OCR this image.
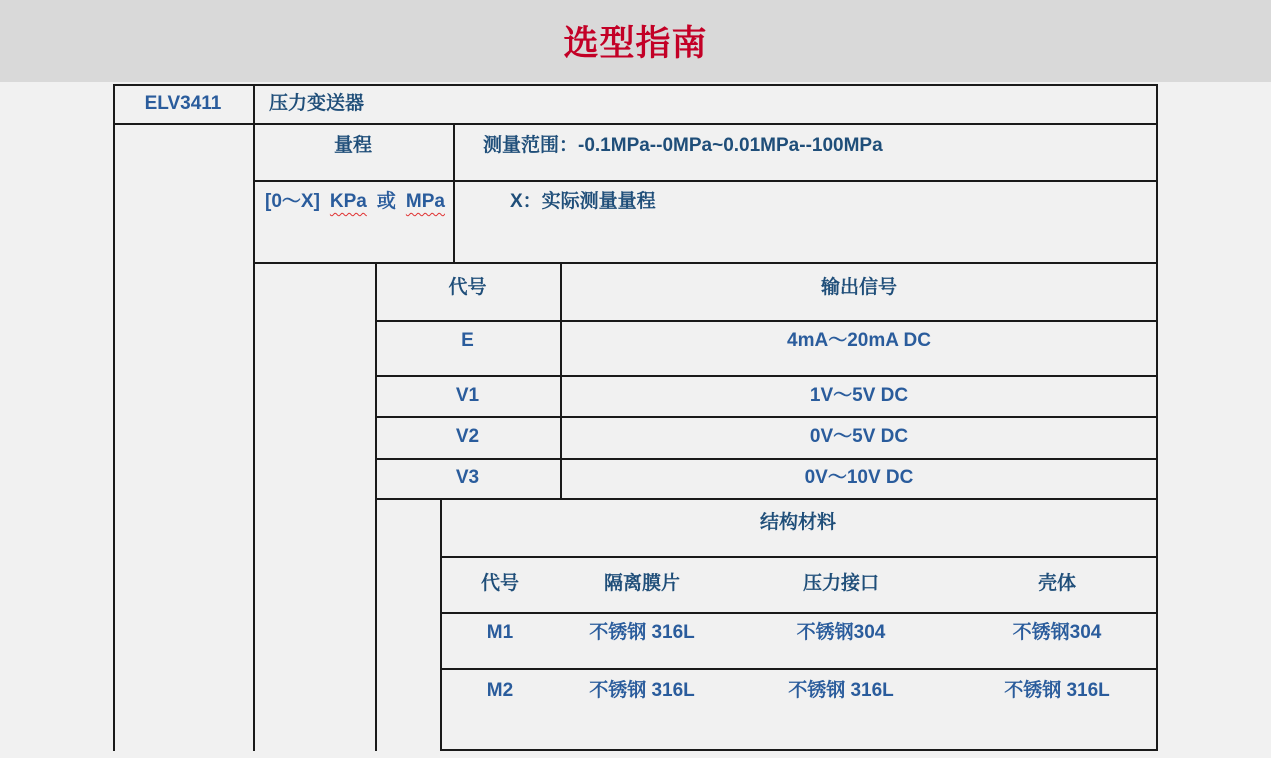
选型指南
ELV3411	压力变送器
量程	测量范围：-0.1MPa--0MPa~0.01MPa--100MPa
[0～X] KPa 或 MPa	X：实际测量量程
代号	输出信号
E	4mA～20mA DC
V1	1V～5V DC
V2	0V～5V DC
V3	0V～10V DC
结构材料
代号	隔离膜片	压力接口	壳体
M1	不锈钢 316L	不锈钢304	不锈钢304
M2	不锈钢 316L	不锈钢 316L	不锈钢 316L
